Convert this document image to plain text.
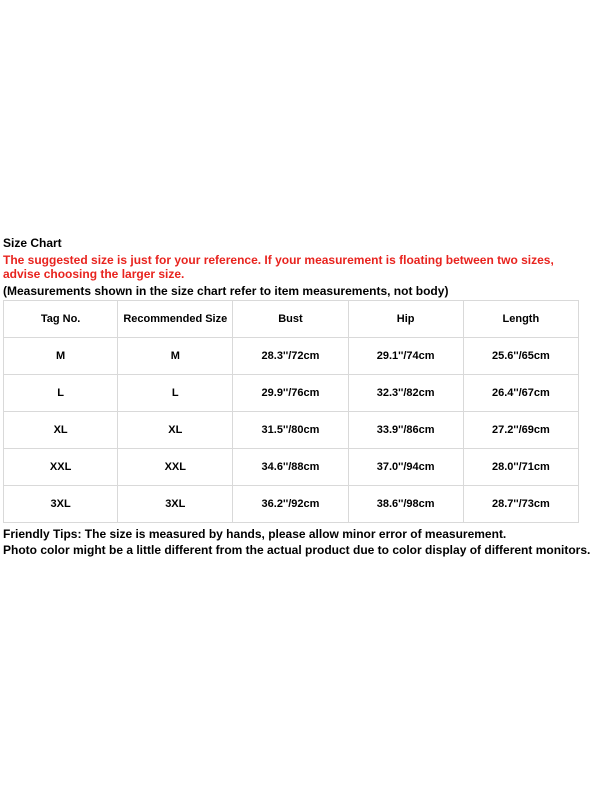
Size Chart

The suggested size is just for your reference. If your measurement is floating between two sizes, advise choosing the larger size.

(Measurements shown in the size chart refer to item measurements, not body)

Tag No.	Recommended Size	Bust	Hip	Length
M	M	28.3''/72cm	29.1''/74cm	25.6''/65cm
L	L	29.9''/76cm	32.3''/82cm	26.4''/67cm
XL	XL	31.5''/80cm	33.9''/86cm	27.2''/69cm
XXL	XXL	34.6''/88cm	37.0''/94cm	28.0''/71cm
3XL	3XL	36.2''/92cm	38.6''/98cm	28.7''/73cm

Friendly Tips: The size is measured by hands, please allow minor error of measurement.

Photo color might be a little different from the actual product due to color display of different monitors.
